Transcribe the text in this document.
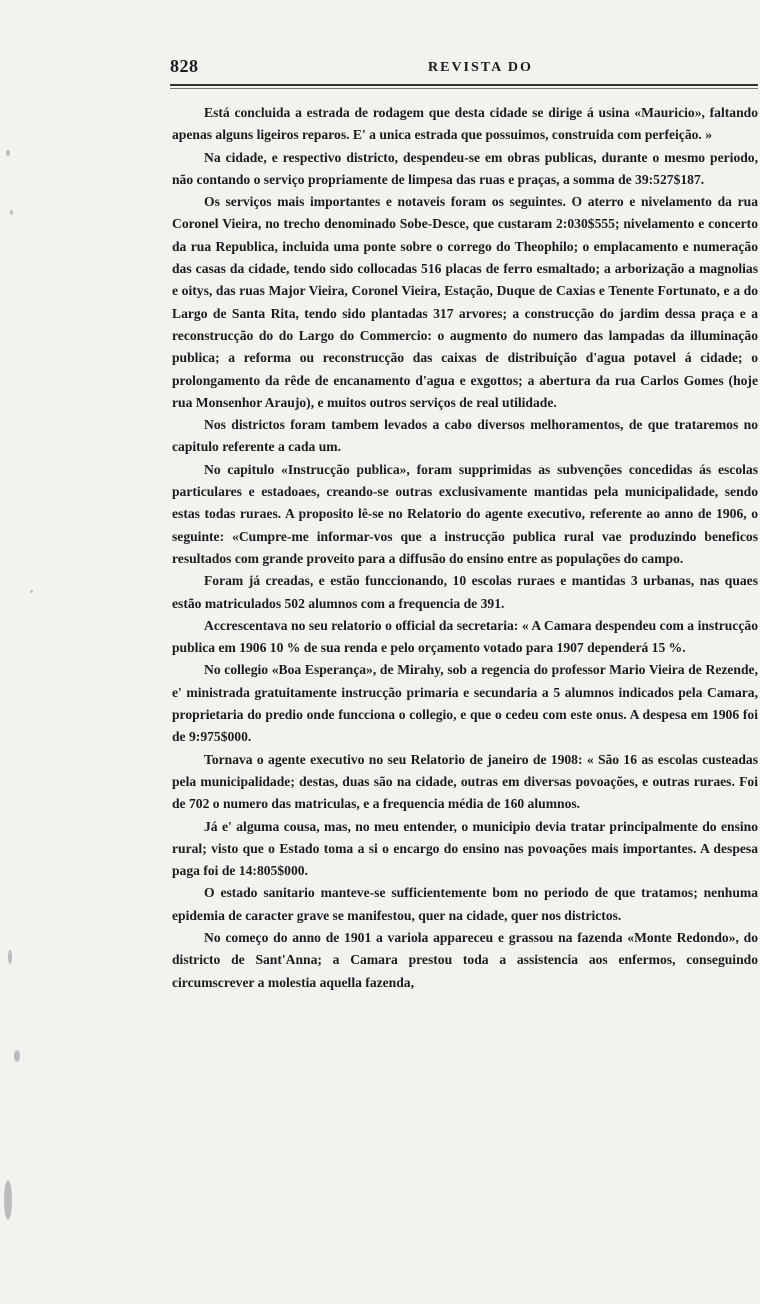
828	REVISTA DO

Está concluida a estrada de rodagem que desta cidade se dirige á usina «Mauricio», faltando apenas alguns ligeiros reparos. E' a unica estrada que possuimos, construida com perfeição. »

Na cidade, e respectivo districto, despendeu-se em obras publicas, durante o mesmo periodo, não contando o serviço propriamente de limpesa das ruas e praças, a somma de 39:527$187.

Os serviços mais importantes e notaveis foram os seguintes. O aterro e nivelamento da rua Coronel Vieira, no trecho denominado Sobe-Desce, que custaram 2:030$555; nivelamento e concerto da rua Republica, incluida uma ponte sobre o corrego do Theophilo; o emplacamento e numeração das casas da cidade, tendo sido collocadas 516 placas de ferro esmaltado; a arborização a magnolias e oitys, das ruas Major Vieira, Coronel Vieira, Estação, Duque de Caxias e Tenente Fortunato, e a do Largo de Santa Rita, tendo sido plantadas 317 arvores; a construcção do jardim dessa praça e a reconstrucção do do Largo do Commercio: o augmento do numero das lampadas da illuminação publica; a reforma ou reconstrucção das caixas de distribuição d'agua potavel á cidade; o prolongamento da rêde de encanamento d'agua e exgottos; a abertura da rua Carlos Gomes (hoje rua Monsenhor Araujo), e muitos outros serviços de real utilidade.

Nos districtos foram tambem levados a cabo diversos melhoramentos, de que trataremos no capitulo referente a cada um.

No capitulo «Instrucção publica», foram supprimidas as subvenções concedidas ás escolas particulares e estadoaes, creando-se outras exclusivamente mantidas pela municipalidade, sendo estas todas ruraes. A proposito lê-se no Relatorio do agente executivo, referente ao anno de 1906, o seguinte: «Cumpre-me informar-vos que a instrucção publica rural vae produzindo beneficos resultados com grande proveito para a diffusão do ensino entre as populações do campo.

Foram já creadas, e estão funccionando, 10 escolas ruraes e mantidas 3 urbanas, nas quaes estão matriculados 502 alumnos com a frequencia de 391.

Accrescentava no seu relatorio o official da secretaria: « A Camara despendeu com a instrucção publica em 1906 10 % de sua renda e pelo orçamento votado para 1907 dependerá 15 %.

No collegio «Boa Esperança», de Mirahy, sob a regencia do professor Mario Vieira de Rezende, e' ministrada gratuitamente instrucção primaria e secundaria a 5 alumnos indicados pela Camara, proprietaria do predio onde funcciona o collegio, e que o cedeu com este onus. A despesa em 1906 foi de 9:975$000.

Tornava o agente executivo no seu Relatorio de janeiro de 1908: « São 16 as escolas custeadas pela municipalidade; destas, duas são na cidade, outras em diversas povoações, e outras ruraes. Foi de 702 o numero das matriculas, e a frequencia média de 160 alumnos.

Já e' alguma cousa, mas, no meu entender, o municipio devia tratar principalmente do ensino rural; visto que o Estado toma a si o encargo do ensino nas povoações mais importantes. A despesa paga foi de 14:805$000.

O estado sanitario manteve-se sufficientemente bom no periodo de que tratamos; nenhuma epidemia de caracter grave se manifestou, quer na cidade, quer nos districtos.

No começo do anno de 1901 a variola appareceu e grassou na fazenda «Monte Redondo», do districto de Sant'Anna; a Camara prestou toda a assistencia aos enfermos, conseguindo circumscrever a molestia aquella fazenda,
